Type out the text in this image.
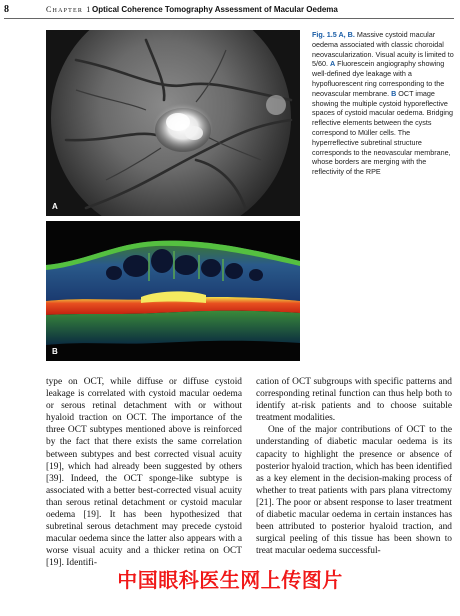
8	Chapter 1 Optical Coherence Tomography Assessment of Macular Oedema
A
B
Fig. 1.5 A, B. Massive cystoid macular oedema associated with classic choroidal neovascularization. Visual acuity is limited to 5/60. A Fluorescein angiography showing well-defined dye leakage with a hypofluorescent ring corresponding to the neovascular membrane. B OCT image showing the multiple cystoid hyporeflective spaces of cystoid macular oedema. Bridging reflective elements between the cysts correspond to Müller cells. The hyperreflective subretinal structure corresponds to the neovascular membrane, whose borders are merging with the reflectivity of the RPE

type on OCT, while diffuse or diffuse cystoid leakage is correlated with cystoid macular oedema or serous retinal detachment with or without hyaloid traction on OCT. The importance of the three OCT subtypes mentioned above is reinforced by the fact that there exists the same correlation between subtypes and best corrected visual acuity [19], which had already been suggested by others [39]. Indeed, the OCT sponge-like subtype is associated with a better best-corrected visual acuity than serous retinal detachment or cystoid macular oedema [19]. It has been hypothesized that subretinal serous detachment may precede cystoid macular oedema since the latter also appears with a worse visual acuity and a thicker retina on OCT [19]. Identifi-

cation of OCT subgroups with specific patterns and corresponding retinal function can thus help both to identify at-risk patients and to choose suitable treatment modalities.

One of the major contributions of OCT to the understanding of diabetic macular oedema is its capacity to highlight the presence or absence of posterior hyaloid traction, which has been identified as a key element in the decision-making process of whether to treat patients with pars plana vitrectomy [21]. The poor or absent response to laser treatment of diabetic macular oedema in certain instances has been attributed to posterior hyaloid traction, and surgical peeling of this tissue has been shown to treat macular oedema successful-

中国眼科医生网上传图片
